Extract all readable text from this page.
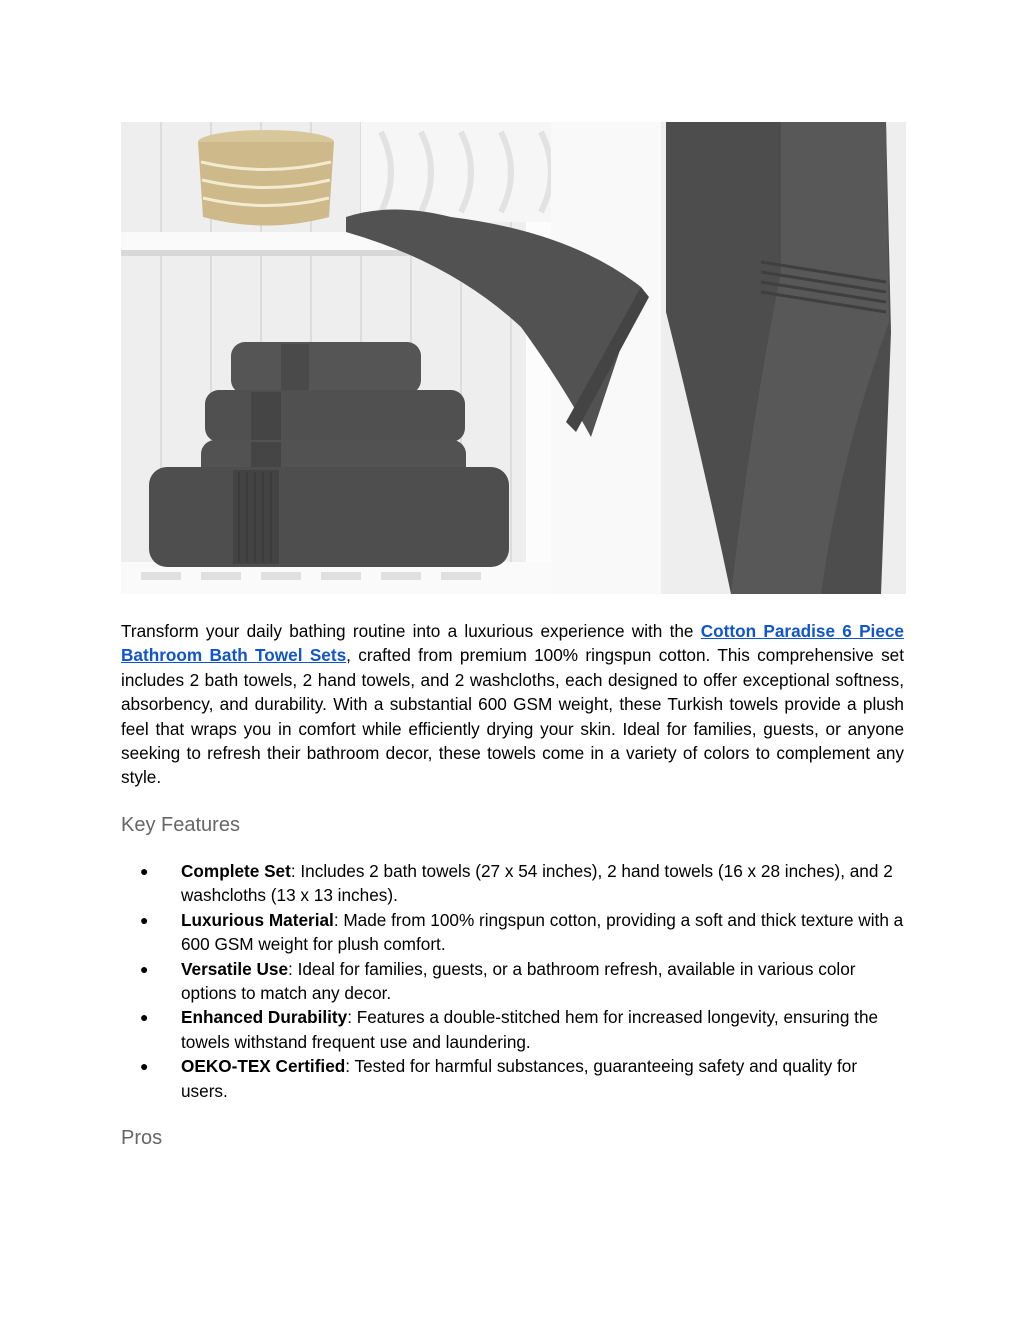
Transform your daily bathing routine into a luxurious experience with the Cotton Paradise 6 Piece Bathroom Bath Towel Sets, crafted from premium 100% ringspun cotton. This comprehensive set includes 2 bath towels, 2 hand towels, and 2 washcloths, each designed to offer exceptional softness, absorbency, and durability. With a substantial 600 GSM weight, these Turkish towels provide a plush feel that wraps you in comfort while efficiently drying your skin. Ideal for families, guests, or anyone seeking to refresh their bathroom decor, these towels come in a variety of colors to complement any style.

Key Features
● Complete Set: Includes 2 bath towels (27 x 54 inches), 2 hand towels (16 x 28 inches), and 2 washcloths (13 x 13 inches).
● Luxurious Material: Made from 100% ringspun cotton, providing a soft and thick texture with a 600 GSM weight for plush comfort.
● Versatile Use: Ideal for families, guests, or a bathroom refresh, available in various color options to match any decor.
● Enhanced Durability: Features a double-stitched hem for increased longevity, ensuring the towels withstand frequent use and laundering.
● OEKO-TEX Certified: Tested for harmful substances, guaranteeing safety and quality for users.
Pros
